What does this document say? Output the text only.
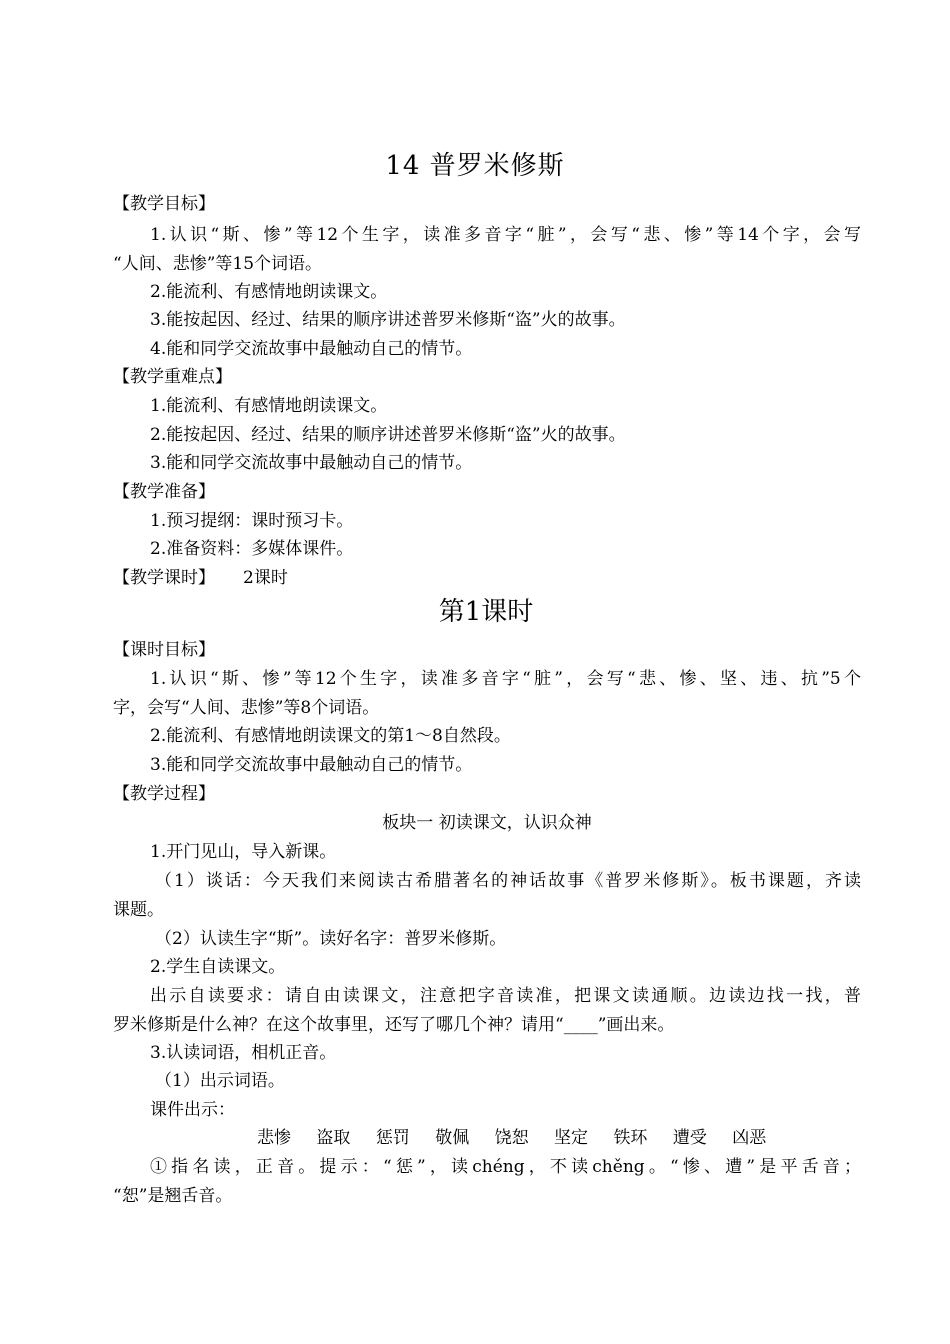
14 普罗米修斯
【教学目标】
1.认识“斯、惨”等12个生字，读准多音字“脏”，会写“悲、惨”等14个字，会写
“人间、悲惨”等15个词语。
2.能流利、有感情地朗读课文。
3.能按起因、经过、结果的顺序讲述普罗米修斯“盗”火的故事。
4.能和同学交流故事中最触动自己的情节。
【教学重难点】
1.能流利、有感情地朗读课文。
2.能按起因、经过、结果的顺序讲述普罗米修斯“盗”火的故事。
3.能和同学交流故事中最触动自己的情节。
【教学准备】
1.预习提纲：课时预习卡。
2.准备资料：多媒体课件。
【教学课时】 2课时
第1课时
【课时目标】
1.认识“斯、惨”等12个生字，读准多音字“脏”，会写“悲、惨、坚、违、抗”5个
字，会写“人间、悲惨”等8个词语。
2.能流利、有感情地朗读课文的第1～8自然段。
3.能和同学交流故事中最触动自己的情节。
【教学过程】
板块一 初读课文，认识众神
1.开门见山，导入新课。
（1）谈话：今天我们来阅读古希腊著名的神话故事《普罗米修斯》。板书课题，齐读
课题。
（2）认读生字“斯”。读好名字：普罗米修斯。
2.学生自读课文。
出示自读要求：请自由读课文，注意把字音读准，把课文读通顺。边读边找一找，普
罗米修斯是什么神？在这个故事里，还写了哪几个神？请用“____”画出来。
3.认读词语，相机正音。
（1）出示词语。
课件出示：
悲惨 盗取 惩罚 敬佩 饶恕 坚定 铁环 遭受 凶恶
①指名读，正音。提示：“惩”，读chéng，不读chěng。“惨、遭”是平舌音；
“恕”是翘舌音。
